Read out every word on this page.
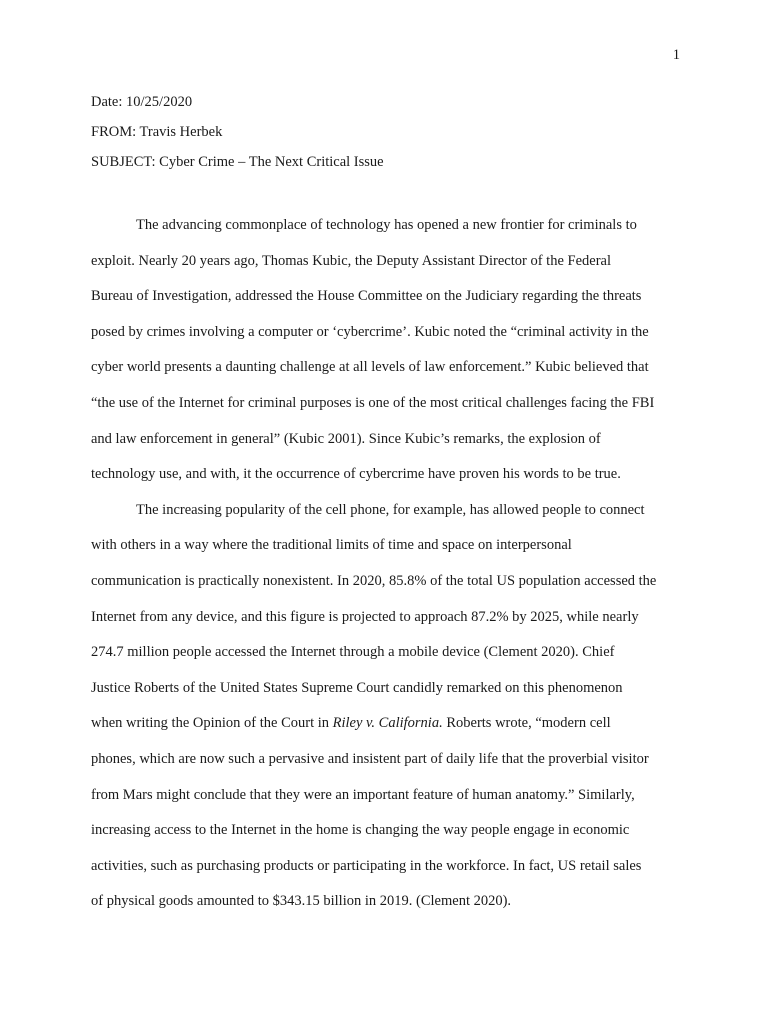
1
Date: 10/25/2020
FROM: Travis Herbek
SUBJECT: Cyber Crime – The Next Critical Issue
The advancing commonplace of technology has opened a new frontier for criminals to
exploit. Nearly 20 years ago, Thomas Kubic, the Deputy Assistant Director of the Federal
Bureau of Investigation, addressed the House Committee on the Judiciary regarding the threats
posed by crimes involving a computer or ‘cybercrime’. Kubic noted the “criminal activity in the
cyber world presents a daunting challenge at all levels of law enforcement.” Kubic believed that
“the use of the Internet for criminal purposes is one of the most critical challenges facing the FBI
and law enforcement in general” (Kubic 2001). Since Kubic’s remarks, the explosion of
technology use, and with, it the occurrence of cybercrime have proven his words to be true.
The increasing popularity of the cell phone, for example, has allowed people to connect
with others in a way where the traditional limits of time and space on interpersonal
communication is practically nonexistent. In 2020, 85.8% of the total US population accessed the
Internet from any device, and this figure is projected to approach 87.2% by 2025, while nearly
274.7 million people accessed the Internet through a mobile device (Clement 2020). Chief
Justice Roberts of the United States Supreme Court candidly remarked on this phenomenon
when writing the Opinion of the Court in Riley v. California. Roberts wrote, “modern cell
phones, which are now such a pervasive and insistent part of daily life that the proverbial visitor
from Mars might conclude that they were an important feature of human anatomy.” Similarly,
increasing access to the Internet in the home is changing the way people engage in economic
activities, such as purchasing products or participating in the workforce. In fact, US retail sales
of physical goods amounted to $343.15 billion in 2019. (Clement 2020).
